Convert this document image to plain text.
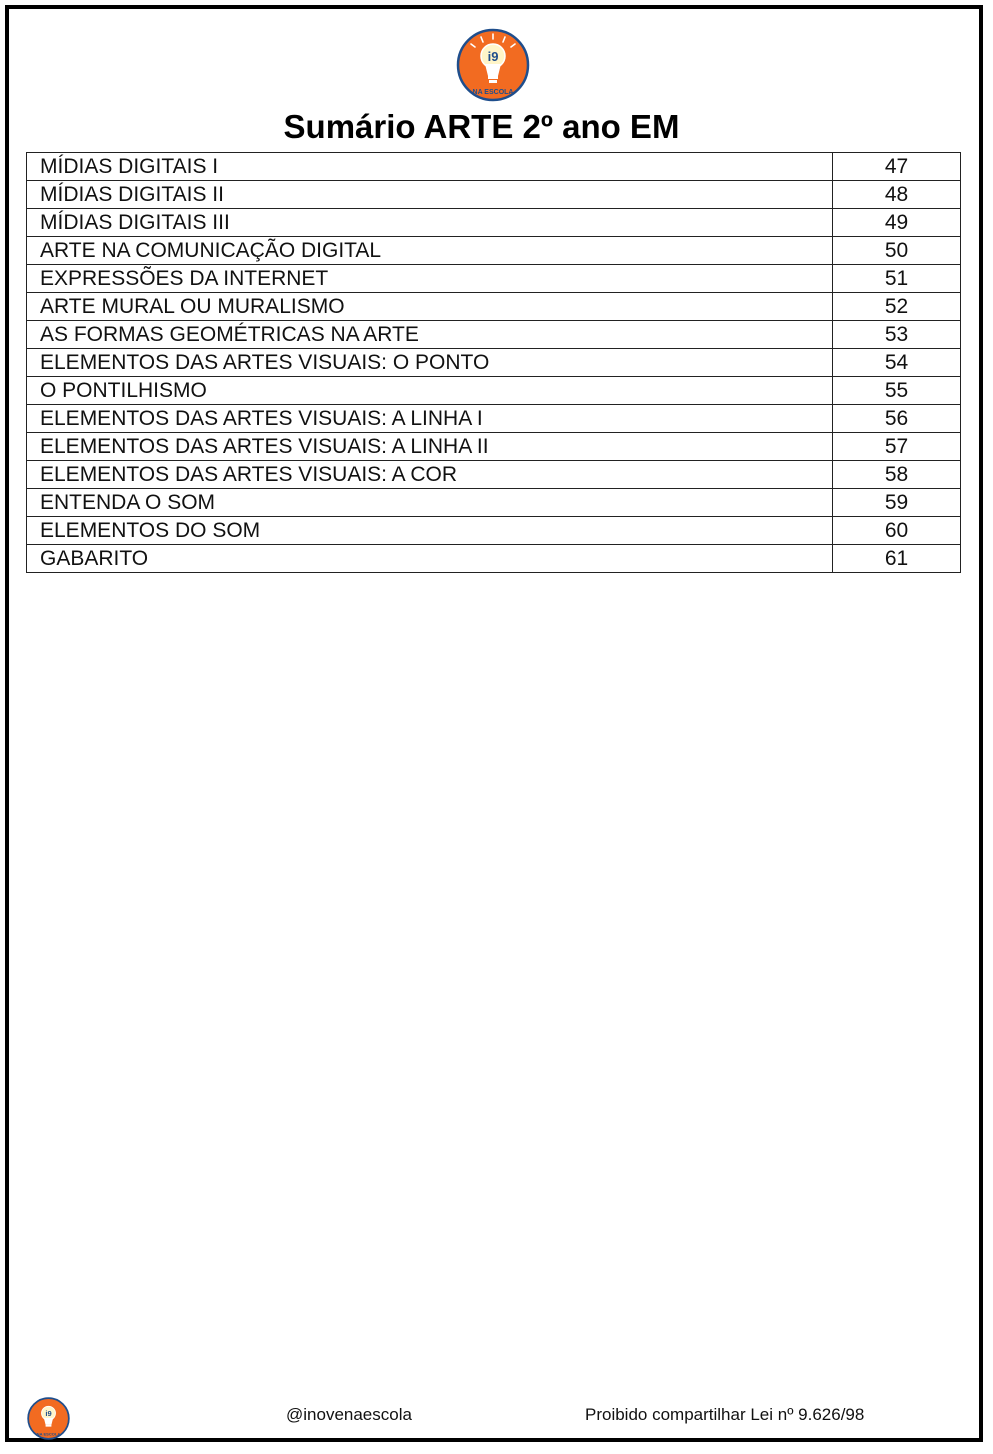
i9
NA ESCOLA
Sumário ARTE 2º ano EM
MÍDIAS DIGITAIS I	47
MÍDIAS DIGITAIS II	48
MÍDIAS DIGITAIS III	49
ARTE NA COMUNICAÇÃO DIGITAL	50
EXPRESSÕES DA INTERNET	51
ARTE MURAL OU MURALISMO	52
AS FORMAS GEOMÉTRICAS NA ARTE	53
ELEMENTOS DAS ARTES VISUAIS: O PONTO	54
O PONTILHISMO	55
ELEMENTOS DAS ARTES VISUAIS: A LINHA I	56
ELEMENTOS DAS ARTES VISUAIS: A LINHA II	57
ELEMENTOS DAS ARTES VISUAIS: A COR	58
ENTENDA O SOM	59
ELEMENTOS DO SOM	60
GABARITO	61
i9
NA ESCOLA
@inovenaescola	Proibido compartilhar Lei nº 9.626/98
